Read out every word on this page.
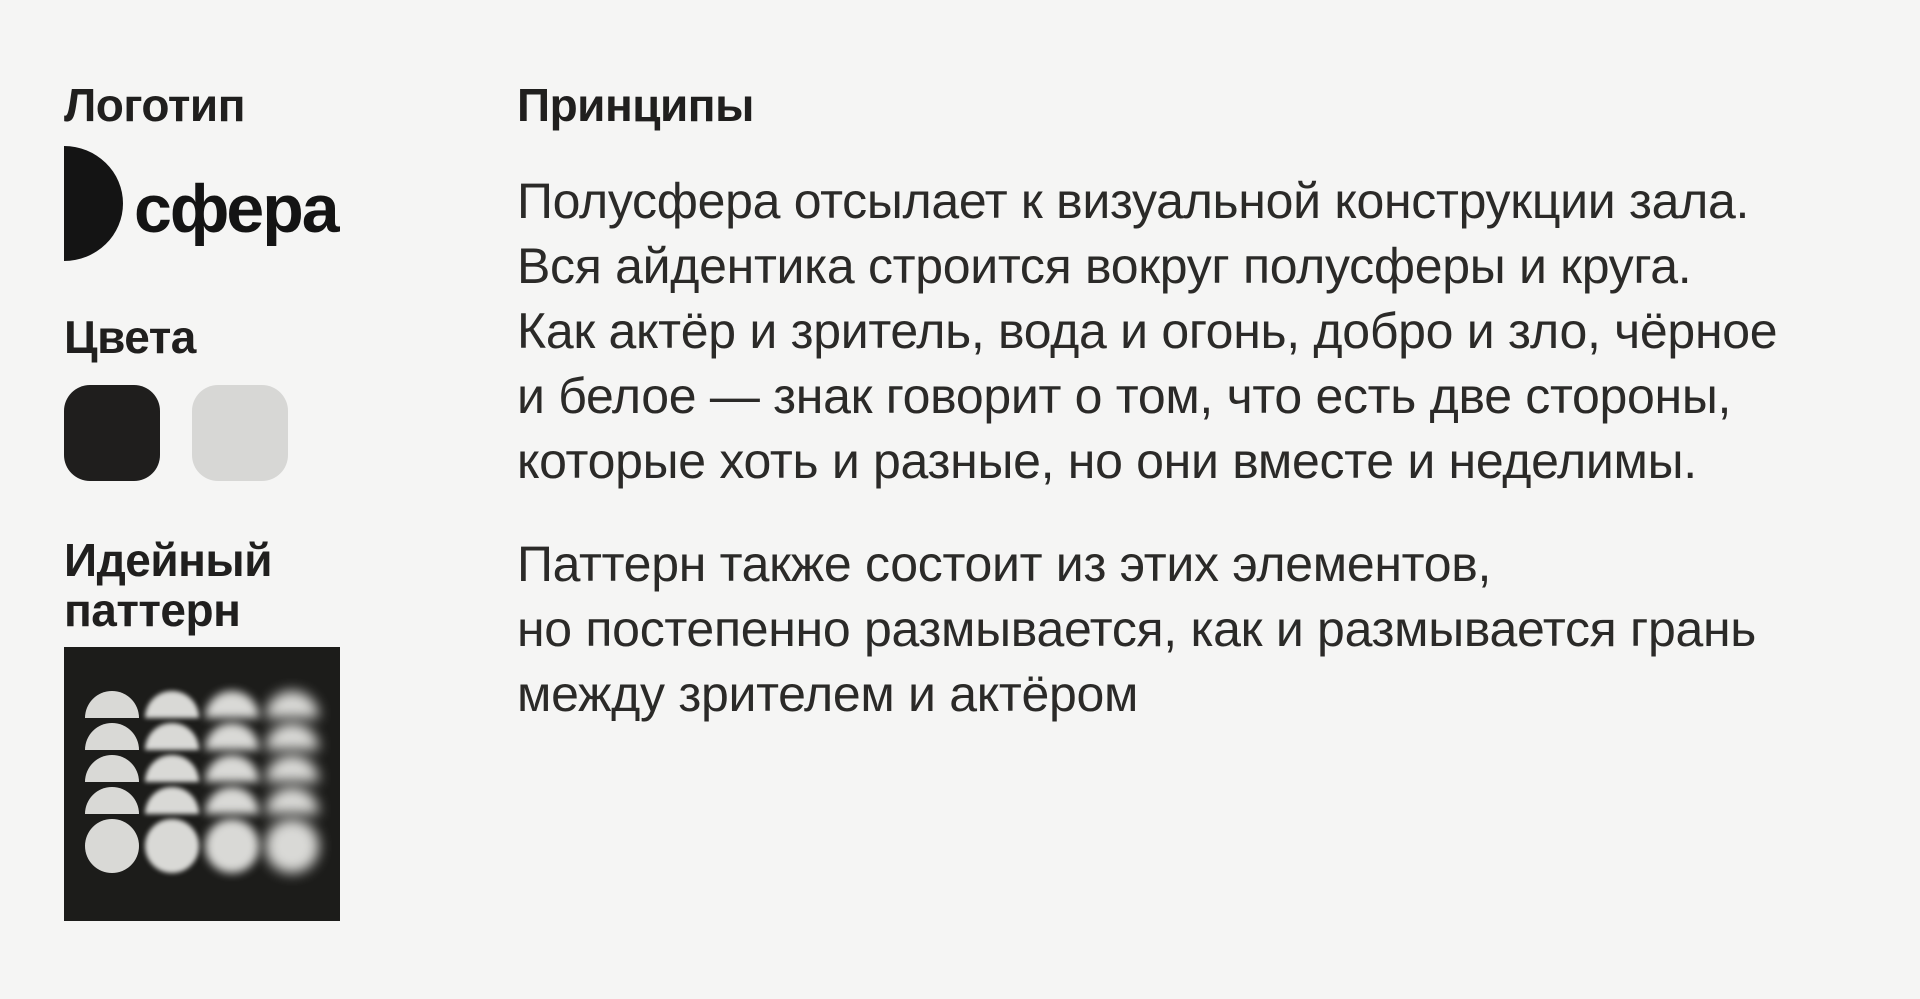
Логотип
сфера
Цвета
Идейный
паттерн
Принципы
Полусфера отсылает к визуальной конструкции зала.
Вся айдентика строится вокруг полусферы и круга.
Как актёр и зритель, вода и огонь, добро и зло, чёрное
и белое — знак говорит о том, что есть две стороны,
которые хоть и разные, но они вместе и неделимы.
Паттерн также состоит из этих элементов,
но постепенно размывается, как и размывается грань
между зрителем и актёром
